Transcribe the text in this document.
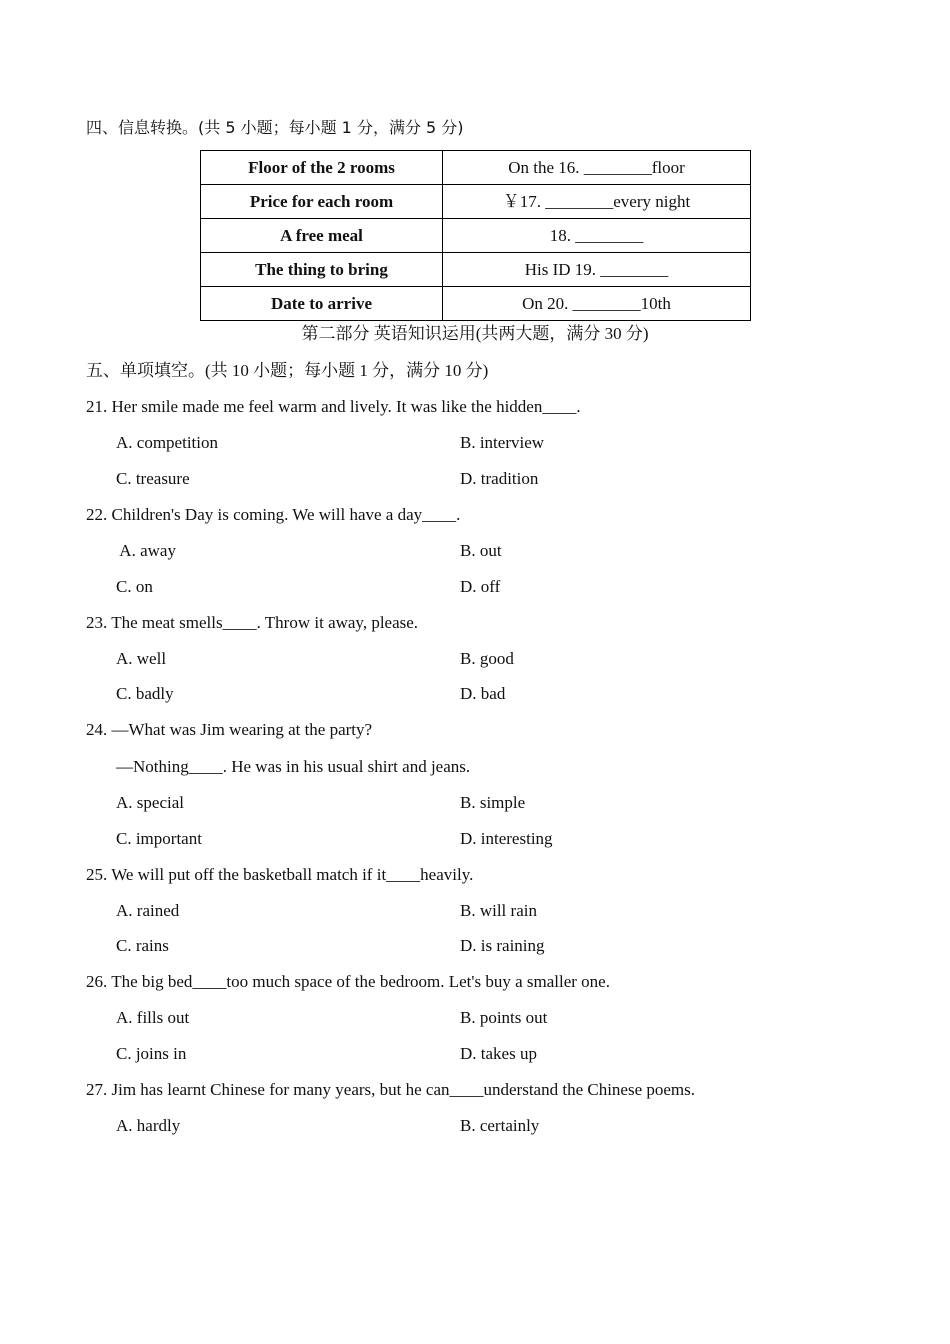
四、信息转换。(共 5 小题；每小题 1 分，满分 5 分)
Floor of the 2 rooms	On the 16. ________floor
Price for each room	￥17. ________every night
A free meal	18. ________
The thing to bring	His ID 19. ________
Date to arrive	On 20. ________10th
第二部分 英语知识运用(共两大题，满分 30 分)
五、单项填空。(共 10 小题；每小题 1 分，满分 10 分)
21. Her smile made me feel warm and lively. It was like the hidden____.
A. competition	B. interview
C. treasure	D. tradition
22. Children's Day is coming. We will have a day____.
A. away	B. out
C. on	D. off
23. The meat smells____. Throw it away, please.
A. well	B. good
C. badly	D. bad
24. —What was Jim wearing at the party?
—Nothing____. He was in his usual shirt and jeans.
A. special	B. simple
C. important	D. interesting
25. We will put off the basketball match if it____heavily.
A. rained	B. will rain
C. rains	D. is raining
26. The big bed____too much space of the bedroom. Let's buy a smaller one.
A. fills out	B. points out
C. joins in	D. takes up
27. Jim has learnt Chinese for many years, but he can____understand the Chinese poems.
A. hardly	B. certainly
